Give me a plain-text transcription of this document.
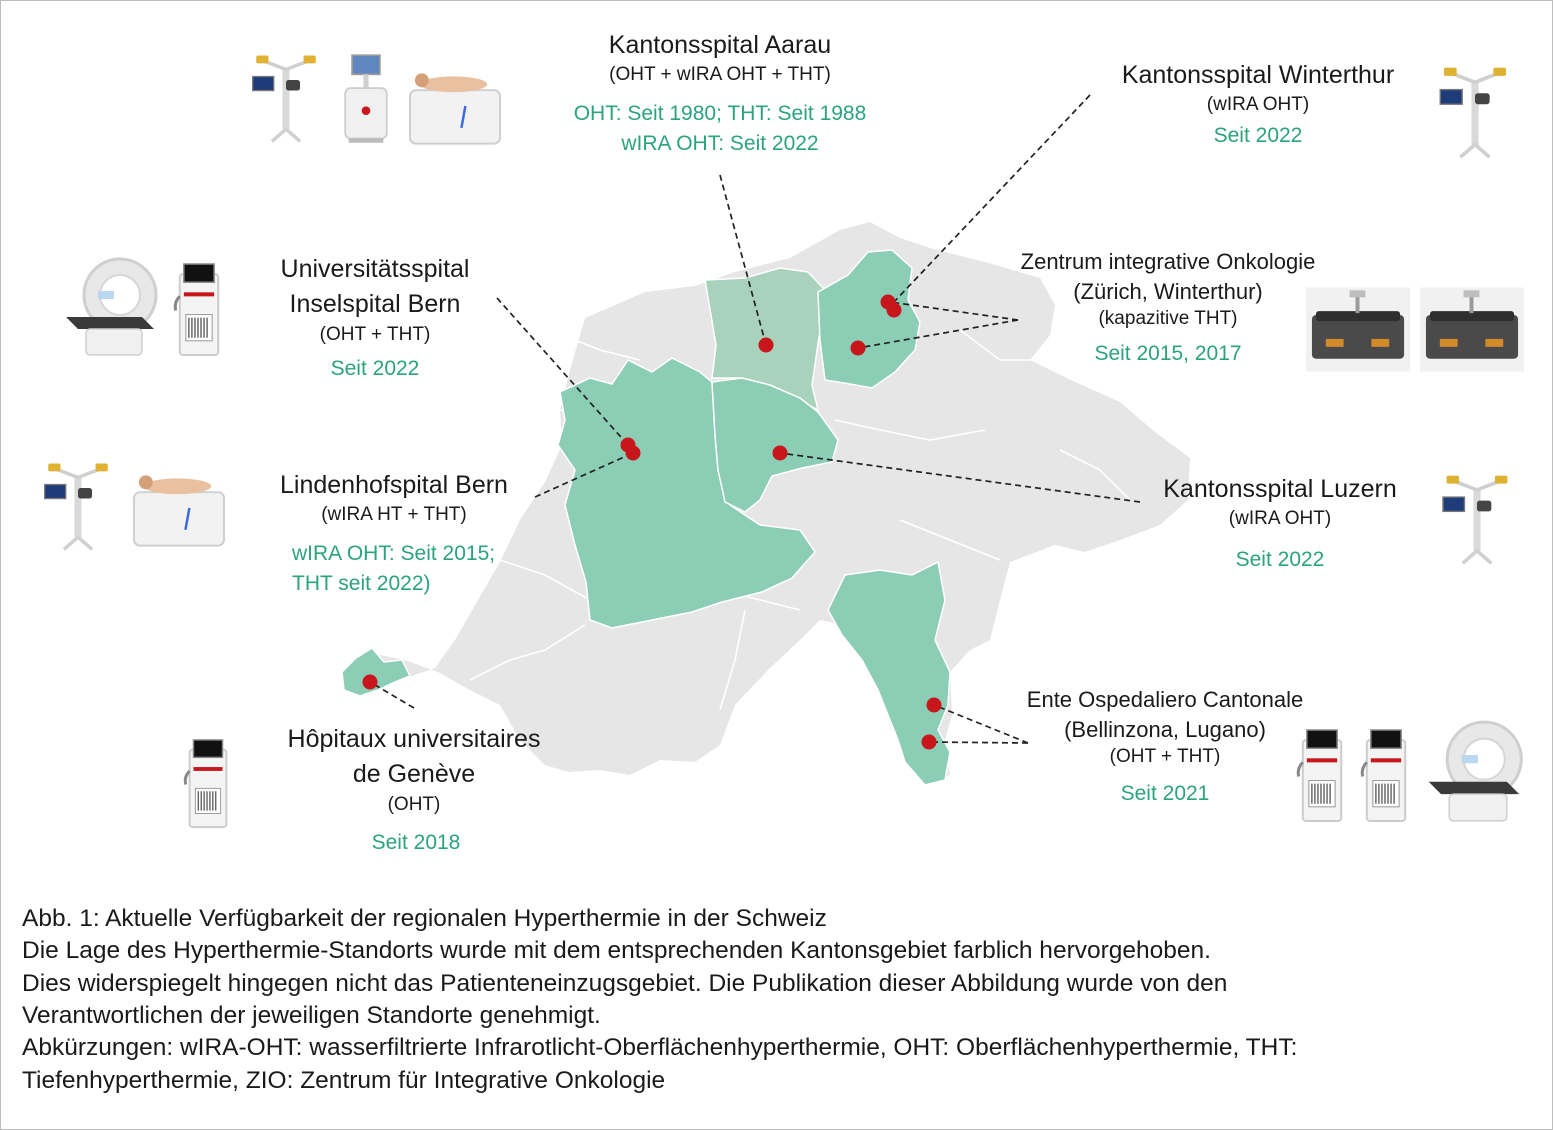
Kantonsspital Aarau
(OHT + wIRA OHT + THT)
OHT: Seit 1980; THT: Seit 1988
wIRA OHT: Seit 2022
Kantonsspital Winterthur
(wIRA OHT)
Seit 2022
Zentrum integrative Onkologie
(Zürich, Winterthur)
(kapazitive THT)
Seit 2015, 2017
Universitätsspital
Inselspital Bern
(OHT + THT)
Seit 2022
Lindenhofspital Bern
(wIRA HT + THT)
wIRA OHT: Seit 2015;
THT seit 2022)
Kantonsspital Luzern
(wIRA OHT)
Seit 2022
Hôpitaux universitaires
de Genève
(OHT)
Seit 2018
Ente Ospedaliero Cantonale
(Bellinzona, Lugano)
(OHT + THT)
Seit 2021
Abb. 1: Aktuelle Verfügbarkeit der regionalen Hyperthermie in der Schweiz
Die Lage des Hyperthermie-Standorts wurde mit dem entsprechenden Kantonsgebiet farblich hervorgehoben.
Dies widerspiegelt hingegen nicht das Patienteneinzugsgebiet. Die Publikation dieser Abbildung wurde von den
Verantwortlichen der jeweiligen Standorte genehmigt.
Abkürzungen: wIRA-OHT: wasserfiltrierte Infrarotlicht-Oberflächenhyperthermie, OHT: Oberflächenhyperthermie, THT:
Tiefenhyperthermie, ZIO: Zentrum für Integrative Onkologie
